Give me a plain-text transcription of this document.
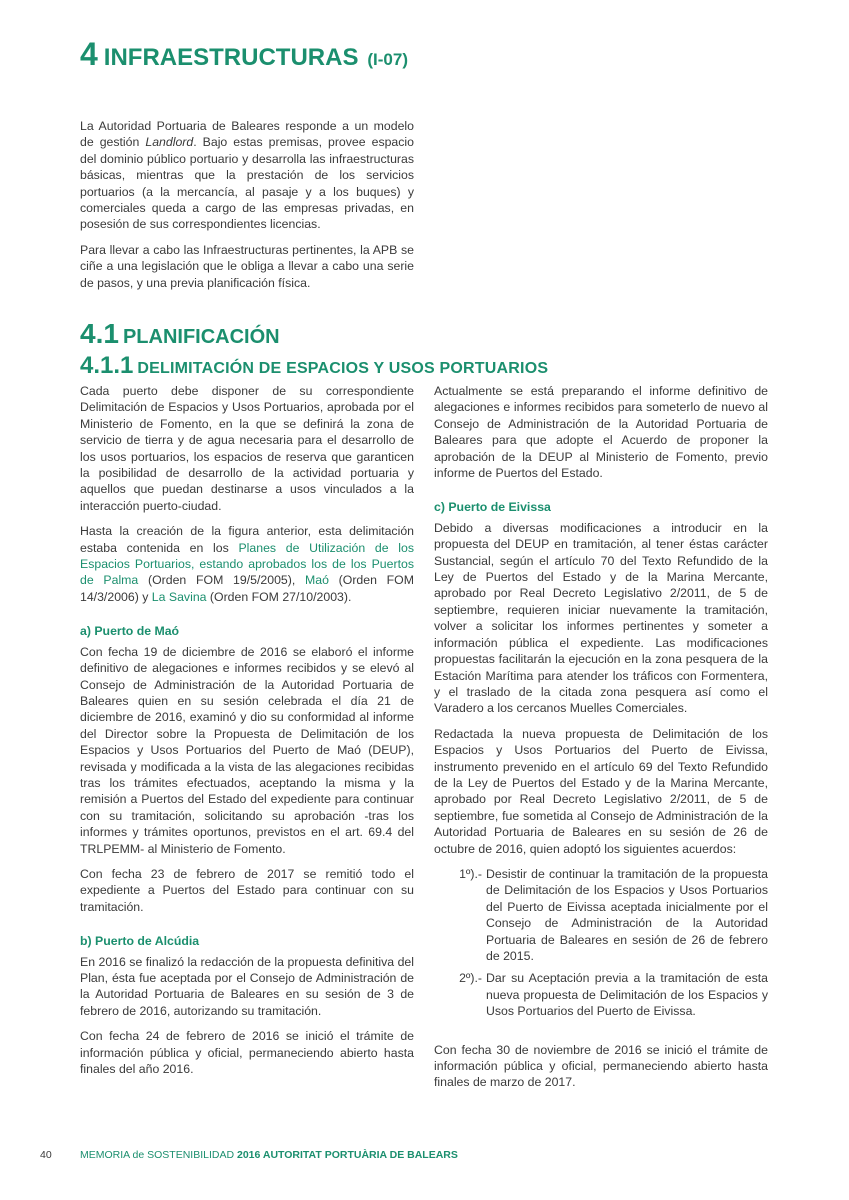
4 INFRAESTRUCTURAS (I-07)

La Autoridad Portuaria de Baleares responde a un modelo de gestión Landlord. Bajo estas premisas, provee espacio del dominio público portuario y desarrolla las infraestructuras básicas, mientras que la prestación de los servicios portuarios (a la mercancía, al pasaje y a los buques) y comerciales queda a cargo de las empresas privadas, en posesión de sus correspondientes licencias.

Para llevar a cabo las Infraestructuras pertinentes, la APB se ciñe a una legislación que le obliga a llevar a cabo una serie de pasos, y una previa planificación física.

4.1 PLANIFICACIÓN
4.1.1 DELIMITACIÓN DE ESPACIOS Y USOS PORTUARIOS

Cada puerto debe disponer de su correspondiente Delimitación de Espacios y Usos Portuarios, aprobada por el Ministerio de Fomento, en la que se definirá la zona de servicio de tierra y de agua necesaria para el desarrollo de los usos portuarios, los espacios de reserva que garanticen la posibilidad de desarrollo de la actividad portuaria y aquellos que puedan destinarse a usos vinculados a la interacción puerto-ciudad.

Hasta la creación de la figura anterior, esta delimitación estaba contenida en los Planes de Utilización de los Espacios Portuarios, estando aprobados los de los Puertos de Palma (Orden FOM 19/5/2005), Maó (Orden FOM 14/3/2006) y La Savina (Orden FOM 27/10/2003).

a) Puerto de Maó

Con fecha 19 de diciembre de 2016 se elaboró el informe definitivo de alegaciones e informes recibidos y se elevó al Consejo de Administración de la Autoridad Portuaria de Baleares quien en su sesión celebrada el día 21 de diciembre de 2016, examinó y dio su conformidad al informe del Director sobre la Propuesta de Delimitación de los Espacios y Usos Portuarios del Puerto de Maó (DEUP), revisada y modificada a la vista de las alegaciones recibidas tras los trámites efectuados, aceptando la misma y la remisión a Puertos del Estado del expediente para continuar con su tramitación, solicitando su aprobación -tras los informes y trámites oportunos, previstos en el art. 69.4 del TRLPEMM- al Ministerio de Fomento.

Con fecha 23 de febrero de 2017 se remitió todo el expediente a Puertos del Estado para continuar con su tramitación.

b) Puerto de Alcúdia

En 2016 se finalizó la redacción de la propuesta definitiva del Plan, ésta fue aceptada por el Consejo de Administración de la Autoridad Portuaria de Baleares en su sesión de 3 de febrero de 2016, autorizando su tramitación.

Con fecha 24 de febrero de 2016 se inició el trámite de información pública y oficial, permaneciendo abierto hasta finales del año 2016.

Actualmente se está preparando el informe definitivo de alegaciones e informes recibidos para someterlo de nuevo al Consejo de Administración de la Autoridad Portuaria de Baleares para que adopte el Acuerdo de proponer la aprobación de la DEUP al Ministerio de Fomento, previo informe de Puertos del Estado.

c) Puerto de Eivissa

Debido a diversas modificaciones a introducir en la propuesta del DEUP en tramitación, al tener éstas carácter Sustancial, según el artículo 70 del Texto Refundido de la Ley de Puertos del Estado y de la Marina Mercante, aprobado por Real Decreto Legislativo 2/2011, de 5 de septiembre, requieren iniciar nuevamente la tramitación, volver a solicitar los informes pertinentes y someter a información pública el expediente. Las modificaciones propuestas facilitarán la ejecución en la zona pesquera de la Estación Marítima para atender los tráficos con Formentera, y el traslado de la citada zona pesquera así como el Varadero a los cercanos Muelles Comerciales.

Redactada la nueva propuesta de Delimitación de los Espacios y Usos Portuarios del Puerto de Eivissa, instrumento prevenido en el artículo 69 del Texto Refundido de la Ley de Puertos del Estado y de la Marina Mercante, aprobado por Real Decreto Legislativo 2/2011, de 5 de septiembre, fue sometida al Consejo de Administración de la Autoridad Portuaria de Baleares en su sesión de 26 de octubre de 2016, quien adoptó los siguientes acuerdos:

1º).- Desistir de continuar la tramitación de la propuesta de Delimitación de los Espacios y Usos Portuarios del Puerto de Eivissa aceptada inicialmente por el Consejo de Administración de la Autoridad Portuaria de Baleares en sesión de 26 de febrero de 2015.
2º).- Dar su Aceptación previa a la tramitación de esta nueva propuesta de Delimitación de los Espacios y Usos Portuarios del Puerto de Eivissa.

Con fecha 30 de noviembre de 2016 se inició el trámite de información pública y oficial, permaneciendo abierto hasta finales de marzo de 2017.

40	MEMORIA de SOSTENIBILIDAD 2016 AUTORITAT PORTUÀRIA DE BALEARS
